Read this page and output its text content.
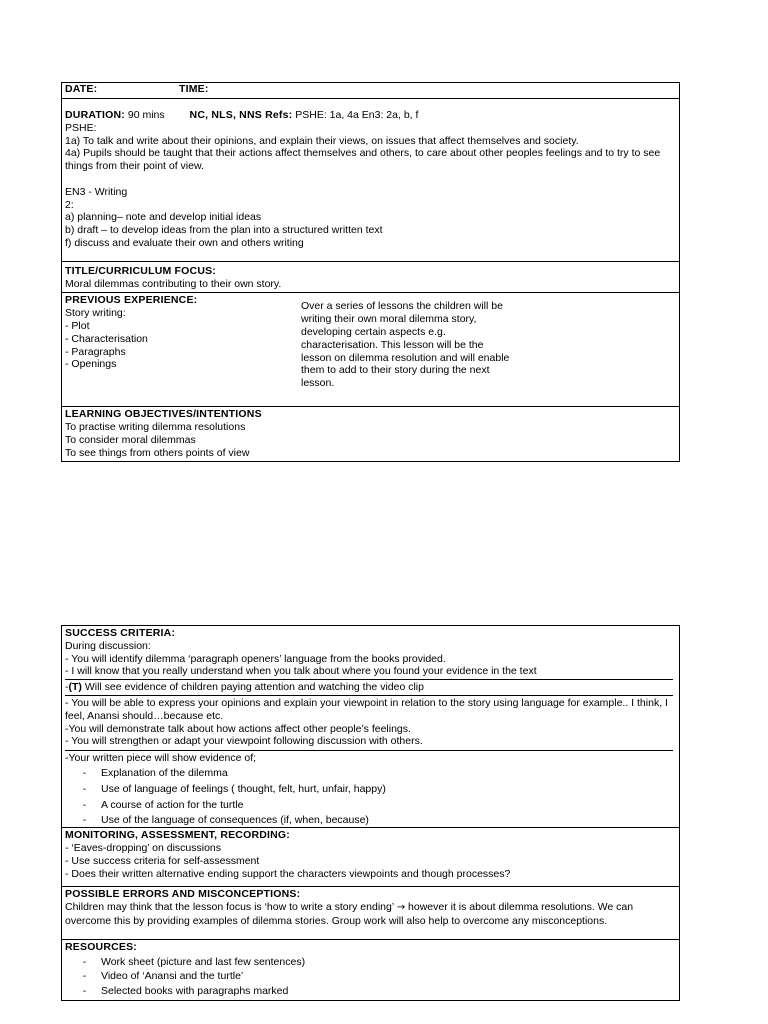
DATE:	TIME:
DURATION: 90 mins NC, NLS, NNS Refs: PSHE: 1a, 4a En3: 2a, b, f
PSHE:
1a) To talk and write about their opinions, and explain their views, on issues that affect themselves and society.
4a) Pupils should be taught that their actions affect themselves and others, to care about other peoples feelings and to try to see things from their point of view.
EN3 - Writing
2:
a) planning– note and develop initial ideas
b) draft – to develop ideas from the plan into a structured written text
f) discuss and evaluate their own and others writing
TITLE/CURRICULUM FOCUS:
Moral dilemmas contributing to their own story.
PREVIOUS EXPERIENCE:
Story writing:
- Plot
- Characterisation
- Paragraphs
- Openings
Over a series of lessons the children will be writing their own moral dilemma story, developing certain aspects e.g. characterisation. This lesson will be the lesson on dilemma resolution and will enable them to add to their story during the next lesson.
LEARNING OBJECTIVES/INTENTIONS
To practise writing dilemma resolutions
To consider moral dilemmas
To see things from others points of view
SUCCESS CRITERIA:
During discussion:
- You will identify dilemma ‘paragraph openers’ language from the books provided.
- I will know that you really understand when you talk about where you found your evidence in the text
-(T) Will see evidence of children paying attention and watching the video clip
- You will be able to express your opinions and explain your viewpoint in relation to the story using language for example.. I think, I feel, Anansi should…because etc.
-You will demonstrate talk about how actions affect other people’s feelings.
- You will strengthen or adapt your viewpoint following discussion with others.
-Your written piece will show evidence of;
-	Explanation of the dilemma
-	Use of language of feelings ( thought, felt, hurt, unfair, happy)
-	A course of action for the turtle
-	Use of the language of consequences (if, when, because)
MONITORING, ASSESSMENT, RECORDING:
- ‘Eaves-dropping’ on discussions
- Use success criteria for self-assessment
- Does their written alternative ending support the characters viewpoints and though processes?
POSSIBLE ERRORS AND MISCONCEPTIONS:
Children may think that the lesson focus is ‘how to write a story ending’ → however it is about dilemma resolutions. We can overcome this by providing examples of dilemma stories. Group work will also help to overcome any misconceptions.
RESOURCES:
-	Work sheet (picture and last few sentences)
-	Video of ‘Anansi and the turtle’
-	Selected books with paragraphs marked
